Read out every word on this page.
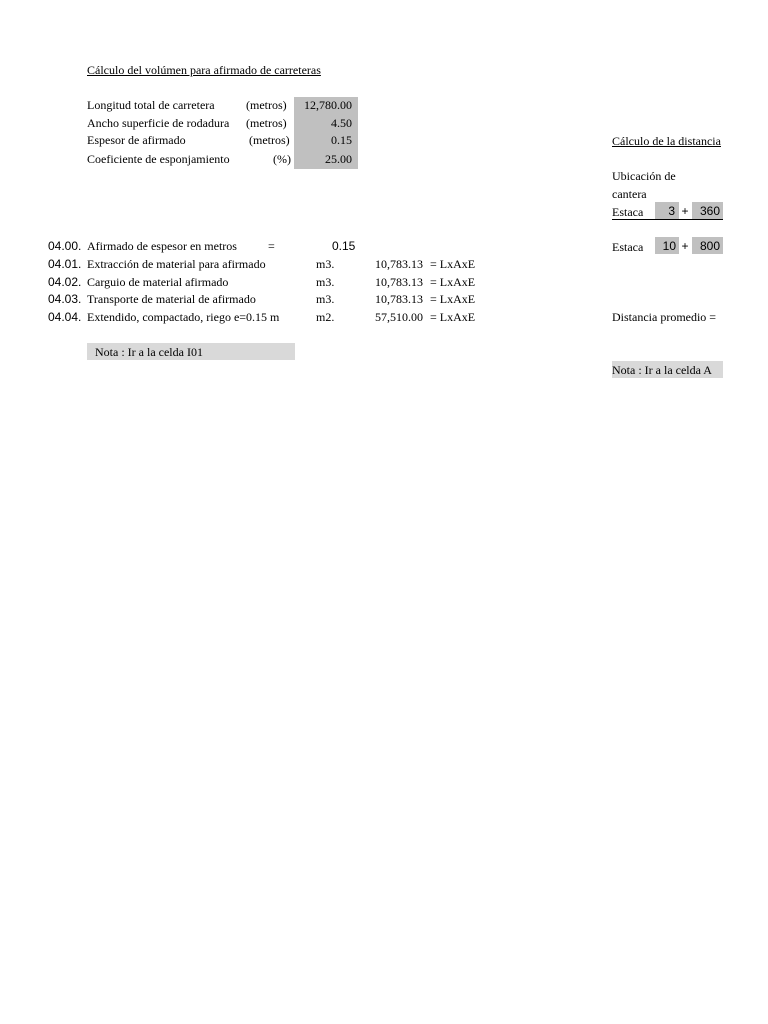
Cálculo del volúmen para afirmado de carreteras
Longitud total de carretera	(metros)	12,780.00
Ancho superficie de rodadura (metros)	4.50
Espesor de afirmado	(metros)	0.15
Coeficiente de esponjamiento	(%)	25.00
04.00. Afirmado de espesor en metros	=	0.15
04.01. Extracción de material para afirmado	m3.	10,783.13 = LxAxE
04.02. Carguio de material afirmado	m3.	10,783.13 = LxAxE
04.03. Transporte de material de afirmado	m3.	10,783.13 = LxAxE
04.04. Extendido, compactado, riego e=0.15 m	m2.	57,510.00 = LxAxE
Nota : Ir a la celda I01
Cálculo de la distancia
Ubicación de
cantera
Estaca	3 + 360
Estaca	10 + 800
Distancia promedio =
Nota : Ir a la celda A
